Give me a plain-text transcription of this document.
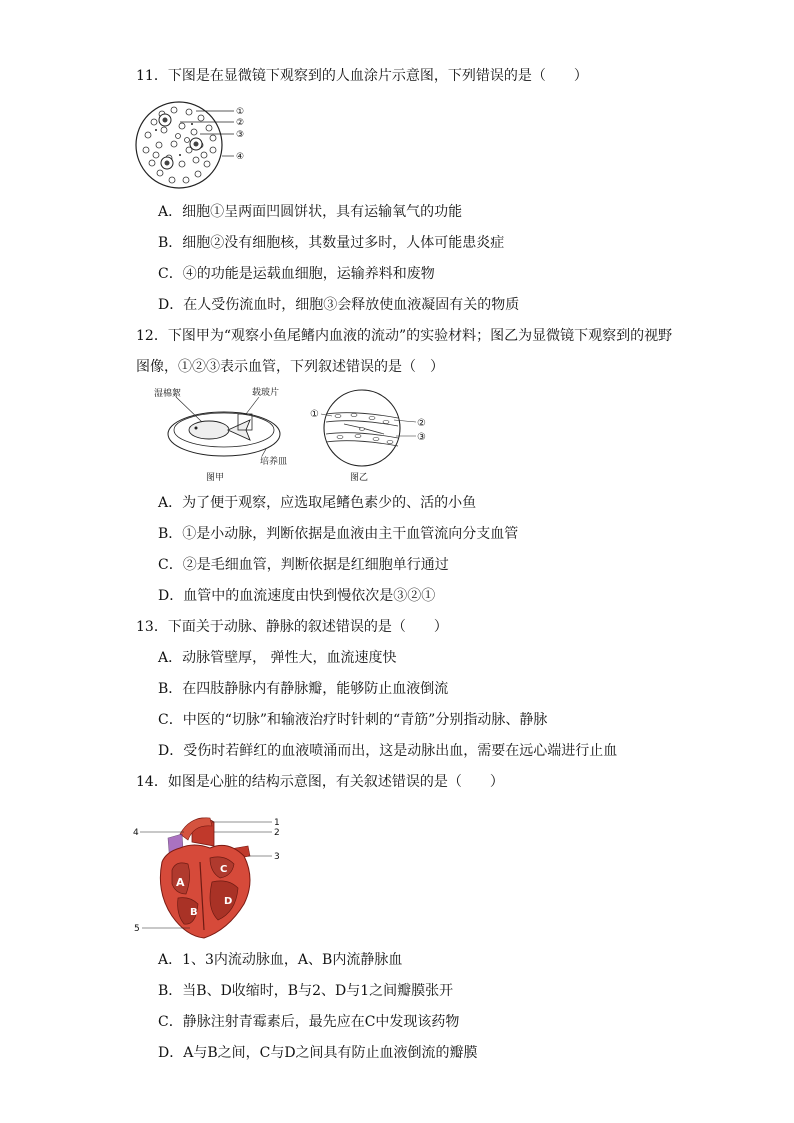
11．下图是在显微镜下观察到的人血涂片示意图，下列错误的是（　　）
①
②
③
④
A．细胞①呈两面凹圆饼状，具有运输氧气的功能
B．细胞②没有细胞核，其数量过多时，人体可能患炎症
C．④的功能是运载血细胞，运输养料和废物
D．在人受伤流血时，细胞③会释放使血液凝固有关的物质
12．下图甲为“观察小鱼尾鳍内血液的流动”的实验材料；图乙为显微镜下观察到的视野
图像，①②③表示血管，下列叙述错误的是（　）
湿棉絮	载玻片
培养皿
图甲	图乙
①
②
③
A．为了便于观察，应选取尾鳍色素少的、活的小鱼
B．①是小动脉，判断依据是血液由主干血管流向分支血管
C．②是毛细血管，判断依据是红细胞单行通过
D．血管中的血流速度由快到慢依次是③②①
13．下面关于动脉、静脉的叙述错误的是（　　）
A．动脉管壁厚， 弹性大，血流速度快
B．在四肢静脉内有静脉瓣，能够防止血液倒流
C．中医的“切脉”和输液治疗时针刺的“青筋”分别指动脉、静脉
D．受伤时若鲜红的血液喷涌而出，这是动脉出血，需要在远心端进行止血
14．如图是心脏的结构示意图，有关叙述错误的是（　　）
A
B
C
D
1
2
3
4
5
A．1、3内流动脉血，A、B内流静脉血
B．当B、D收缩时，B与2、D与1之间瓣膜张开
C．静脉注射青霉素后，最先应在C中发现该药物
D．A与B之间，C与D之间具有防止血液倒流的瓣膜
